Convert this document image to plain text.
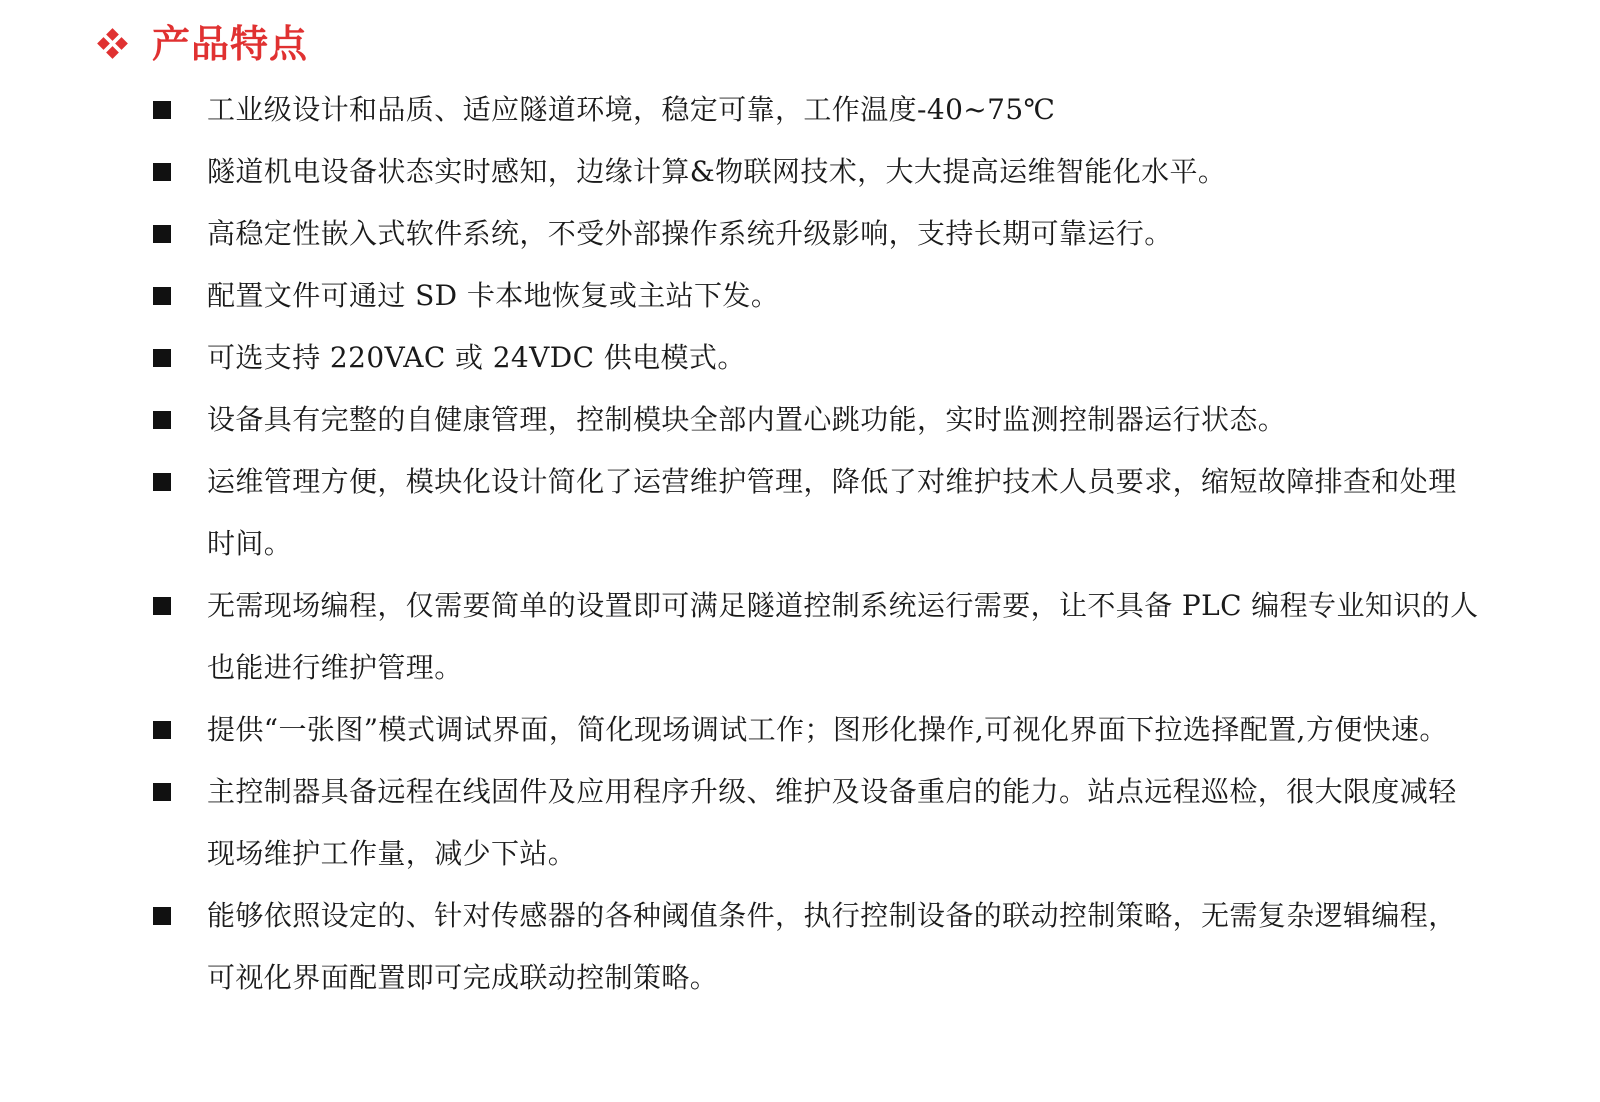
产品特点
工业级设计和品质、适应隧道环境，稳定可靠，工作温度-40~75℃
隧道机电设备状态实时感知，边缘计算&物联网技术，大大提高运维智能化水平。
高稳定性嵌入式软件系统，不受外部操作系统升级影响，支持长期可靠运行。
配置文件可通过 SD 卡本地恢复或主站下发。
可选支持 220VAC 或 24VDC 供电模式。
设备具有完整的自健康管理，控制模块全部内置心跳功能，实时监测控制器运行状态。
运维管理方便，模块化设计简化了运营维护管理，降低了对维护技术人员要求，缩短故障排查和处理时间。
无需现场编程，仅需要简单的设置即可满足隧道控制系统运行需要，让不具备 PLC 编程专业知识的人也能进行维护管理。
提供“一张图”模式调试界面，简化现场调试工作；图形化操作,可视化界面下拉选择配置,方便快速。
主控制器具备远程在线固件及应用程序升级、维护及设备重启的能力。站点远程巡检，很大限度减轻现场维护工作量，减少下站。
能够依照设定的、针对传感器的各种阈值条件，执行控制设备的联动控制策略，无需复杂逻辑编程，可视化界面配置即可完成联动控制策略。
